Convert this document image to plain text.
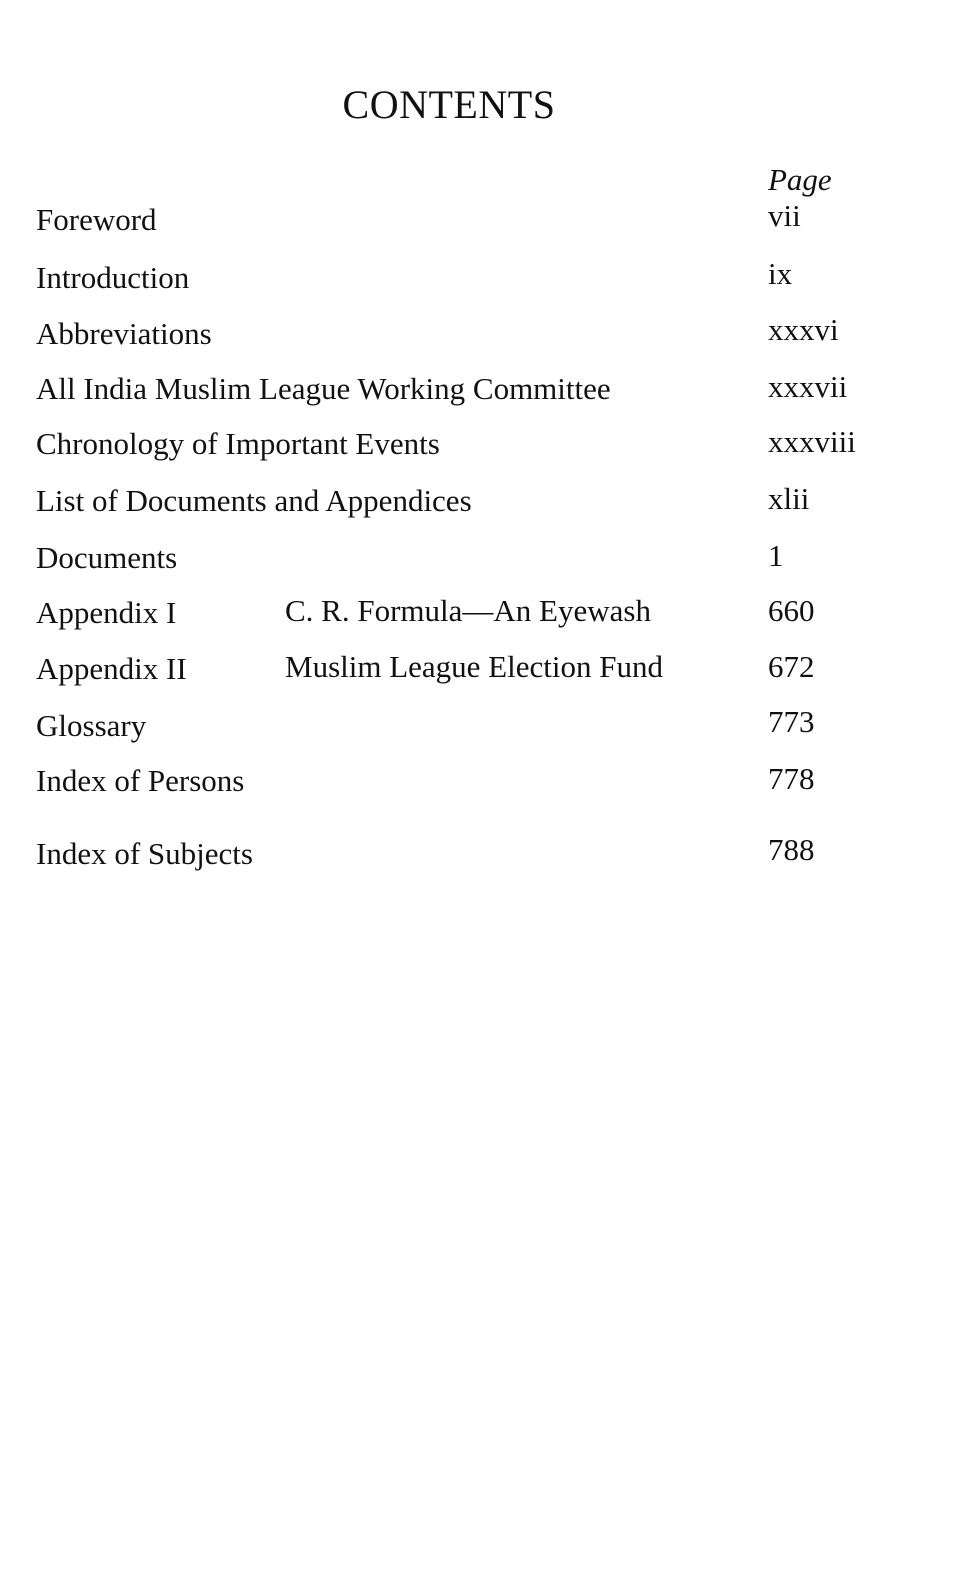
CONTENTS
Page
Foreword	vii
Introduction	ix
Abbreviations	xxxvi
All India Muslim League Working Committee	xxxvii
Chronology of Important Events	xxxviii
List of Documents and Appendices	xlii
Documents	1
Appendix I	C. R. Formula—An Eyewash	660
Appendix II	Muslim League Election Fund	672
Glossary	773
Index of Persons	778
Index of Subjects	788
